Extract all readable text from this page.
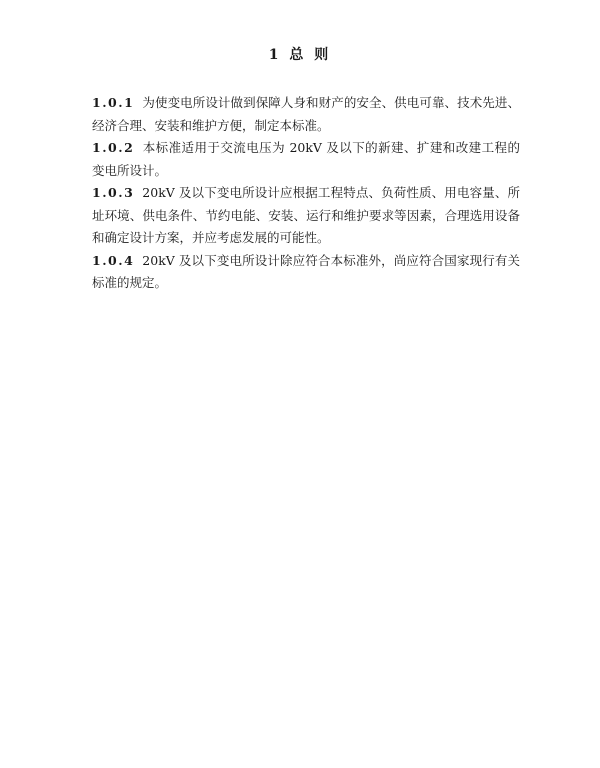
1 总 则

1.0.1 为使变电所设计做到保障人身和财产的安全、供电可靠、技术先进、经济合理、安装和维护方便，制定本标准。

1.0.2 本标准适用于交流电压为 20kV 及以下的新建、扩建和改建工程的变电所设计。

1.0.3 20kV 及以下变电所设计应根据工程特点、负荷性质、用电容量、所址环境、供电条件、节约电能、安装、运行和维护要求等因素，合理选用设备和确定设计方案，并应考虑发展的可能性。

1.0.4 20kV 及以下变电所设计除应符合本标准外，尚应符合国家现行有关标准的规定。
